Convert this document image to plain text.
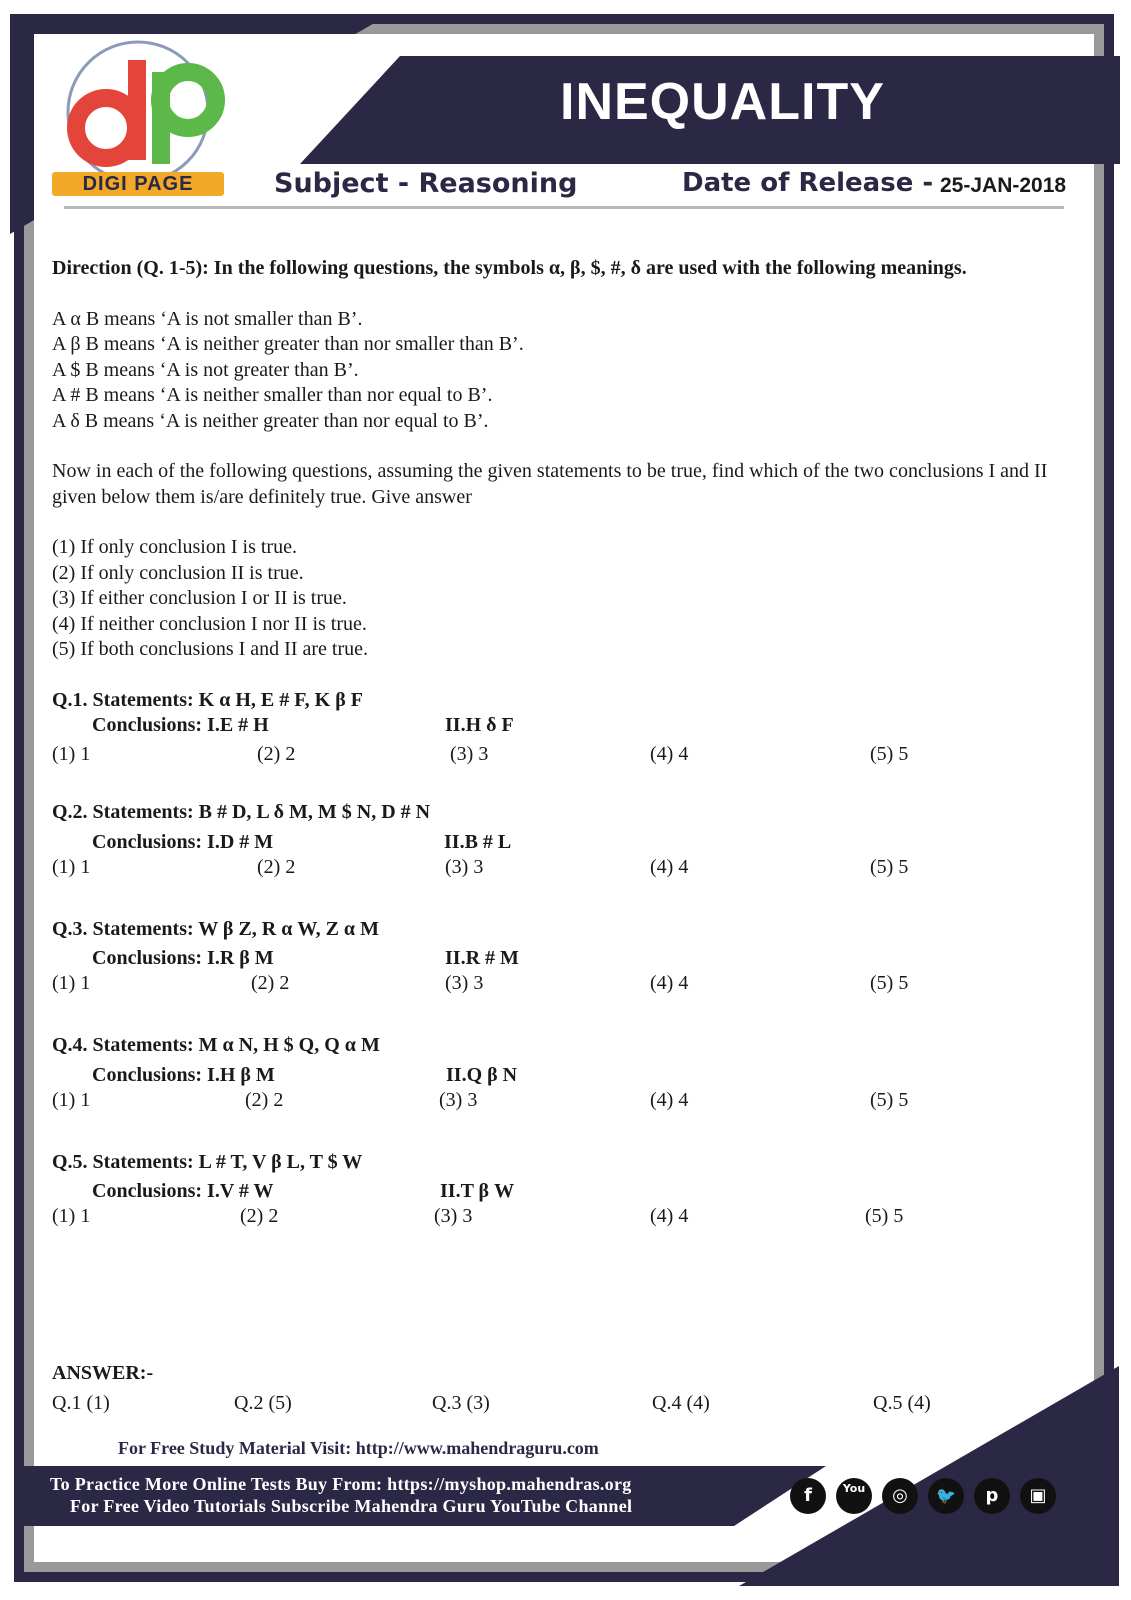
INEQUALITY
DIGI PAGE	Subject - Reasoning	Date of Release - 25-JAN-2018

Direction (Q. 1-5): In the following questions, the symbols α, β, $, #, δ are used with the following meanings.

A α B means ‘A is not smaller than B’.

A β B means ‘A is neither greater than nor smaller than B’.

A $ B means ‘A is not greater than B’.

A # B means ‘A is neither smaller than nor equal to B’.

A δ B means ‘A is neither greater than nor equal to B’.

Now in each of the following questions, assuming the given statements to be true, find which of the two conclusions I and II given below them is/are definitely true. Give answer

(1) If only conclusion I is true.

(2) If only conclusion II is true.

(3) If either conclusion I or II is true.

(4) If neither conclusion I nor II is true.

(5) If both conclusions I and II are true.

Q.1. Statements: K α H, E # F, K β F

Conclusions: I.E # H	II.H δ F
(1) 1	(2) 2	(3) 3	(4) 4	(5) 5

Q.2. Statements: B # D, L δ M, M $ N, D # N

Conclusions: I.D # M	II.B # L
(1) 1	(2) 2	(3) 3	(4) 4	(5) 5

Q.3. Statements: W β Z, R α W, Z α M

Conclusions: I.R β M	II.R # M
(1) 1	(2) 2	(3) 3	(4) 4	(5) 5

Q.4. Statements: M α N, H $ Q, Q α M

Conclusions: I.H β M	II.Q β N
(1) 1	(2) 2	(3) 3	(4) 4	(5) 5

Q.5. Statements: L # T, V β L, T $ W

Conclusions: I.V # W	II.T β W
(1) 1	(2) 2	(3) 3	(4) 4	(5) 5
ANSWER:-
Q.1 (1)	Q.2 (5)	Q.3 (3)	Q.4 (4)	Q.5 (4)
For Free Study Material Visit: http://www.mahendraguru.com
To Practice More Online Tests Buy From: https://myshop.mahendras.org
For Free Video Tutorials Subscribe Mahendra Guru YouTube Channel	f	You	◎	🐦	p	▣
